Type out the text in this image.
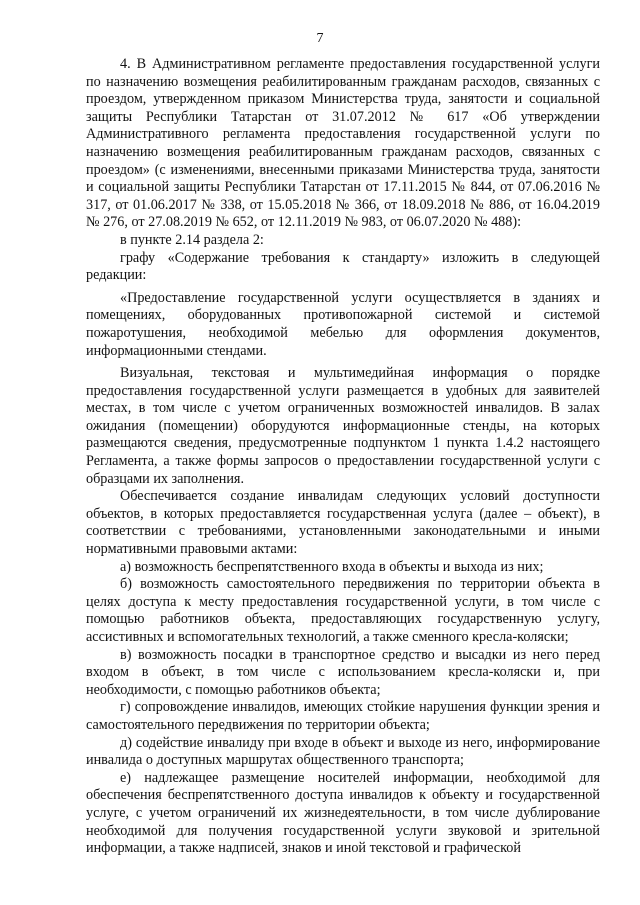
7

4. В Административном регламенте предоставления государственной услуги по назначению возмещения реабилитированным гражданам расходов, связанных с проездом, утвержденном приказом Министерства труда, занятости и социальной защиты Республики Татарстан от 31.07.2012 № 617 «Об утверждении Административного регламента предоставления государственной услуги по назначению возмещения реабилитированным гражданам расходов, связанных с проездом» (с изменениями, внесенными приказами Министерства труда, занятости и социальной защиты Республики Татарстан от 17.11.2015 № 844, от 07.06.2016 № 317, от 01.06.2017 № 338, от 15.05.2018 № 366, от 18.09.2018 № 886, от 16.04.2019 № 276, от 27.08.2019 № 652, от 12.11.2019 № 983, от 06.07.2020 № 488):

в пункте 2.14 раздела 2:

графу «Содержание требования к стандарту» изложить в следующей редакции:

«Предоставление государственной услуги осуществляется в зданиях и помещениях, оборудованных противопожарной системой и системой пожаротушения, необходимой мебелью для оформления документов, информационными стендами.

Визуальная, текстовая и мультимедийная информация о порядке предоставления государственной услуги размещается в удобных для заявителей местах, в том числе с учетом ограниченных возможностей инвалидов. В залах ожидания (помещении) оборудуются информационные стенды, на которых размещаются сведения, предусмотренные подпунктом 1 пункта 1.4.2 настоящего Регламента, а также формы запросов о предоставлении государственной услуги с образцами их заполнения.

Обеспечивается создание инвалидам следующих условий доступности объектов, в которых предоставляется государственная услуга (далее – объект), в соответствии с требованиями, установленными законодательными и иными нормативными правовыми актами:

а) возможность беспрепятственного входа в объекты и выхода из них;

б) возможность самостоятельного передвижения по территории объекта в целях доступа к месту предоставления государственной услуги, в том числе с помощью работников объекта, предоставляющих государственную услугу, ассистивных и вспомогательных технологий, а также сменного кресла-коляски;

в) возможность посадки в транспортное средство и высадки из него перед входом в объект, в том числе с использованием кресла-коляски и, при необходимости, с помощью работников объекта;

г) сопровождение инвалидов, имеющих стойкие нарушения функции зрения и самостоятельного передвижения по территории объекта;

д) содействие инвалиду при входе в объект и выходе из него, информирование инвалида о доступных маршрутах общественного транспорта;

е) надлежащее размещение носителей информации, необходимой для обеспечения беспрепятственного доступа инвалидов к объекту и государственной услуге, с учетом ограничений их жизнедеятельности, в том числе дублирование необходимой для получения государственной услуги звуковой и зрительной информации, а также надписей, знаков и иной текстовой и графической
